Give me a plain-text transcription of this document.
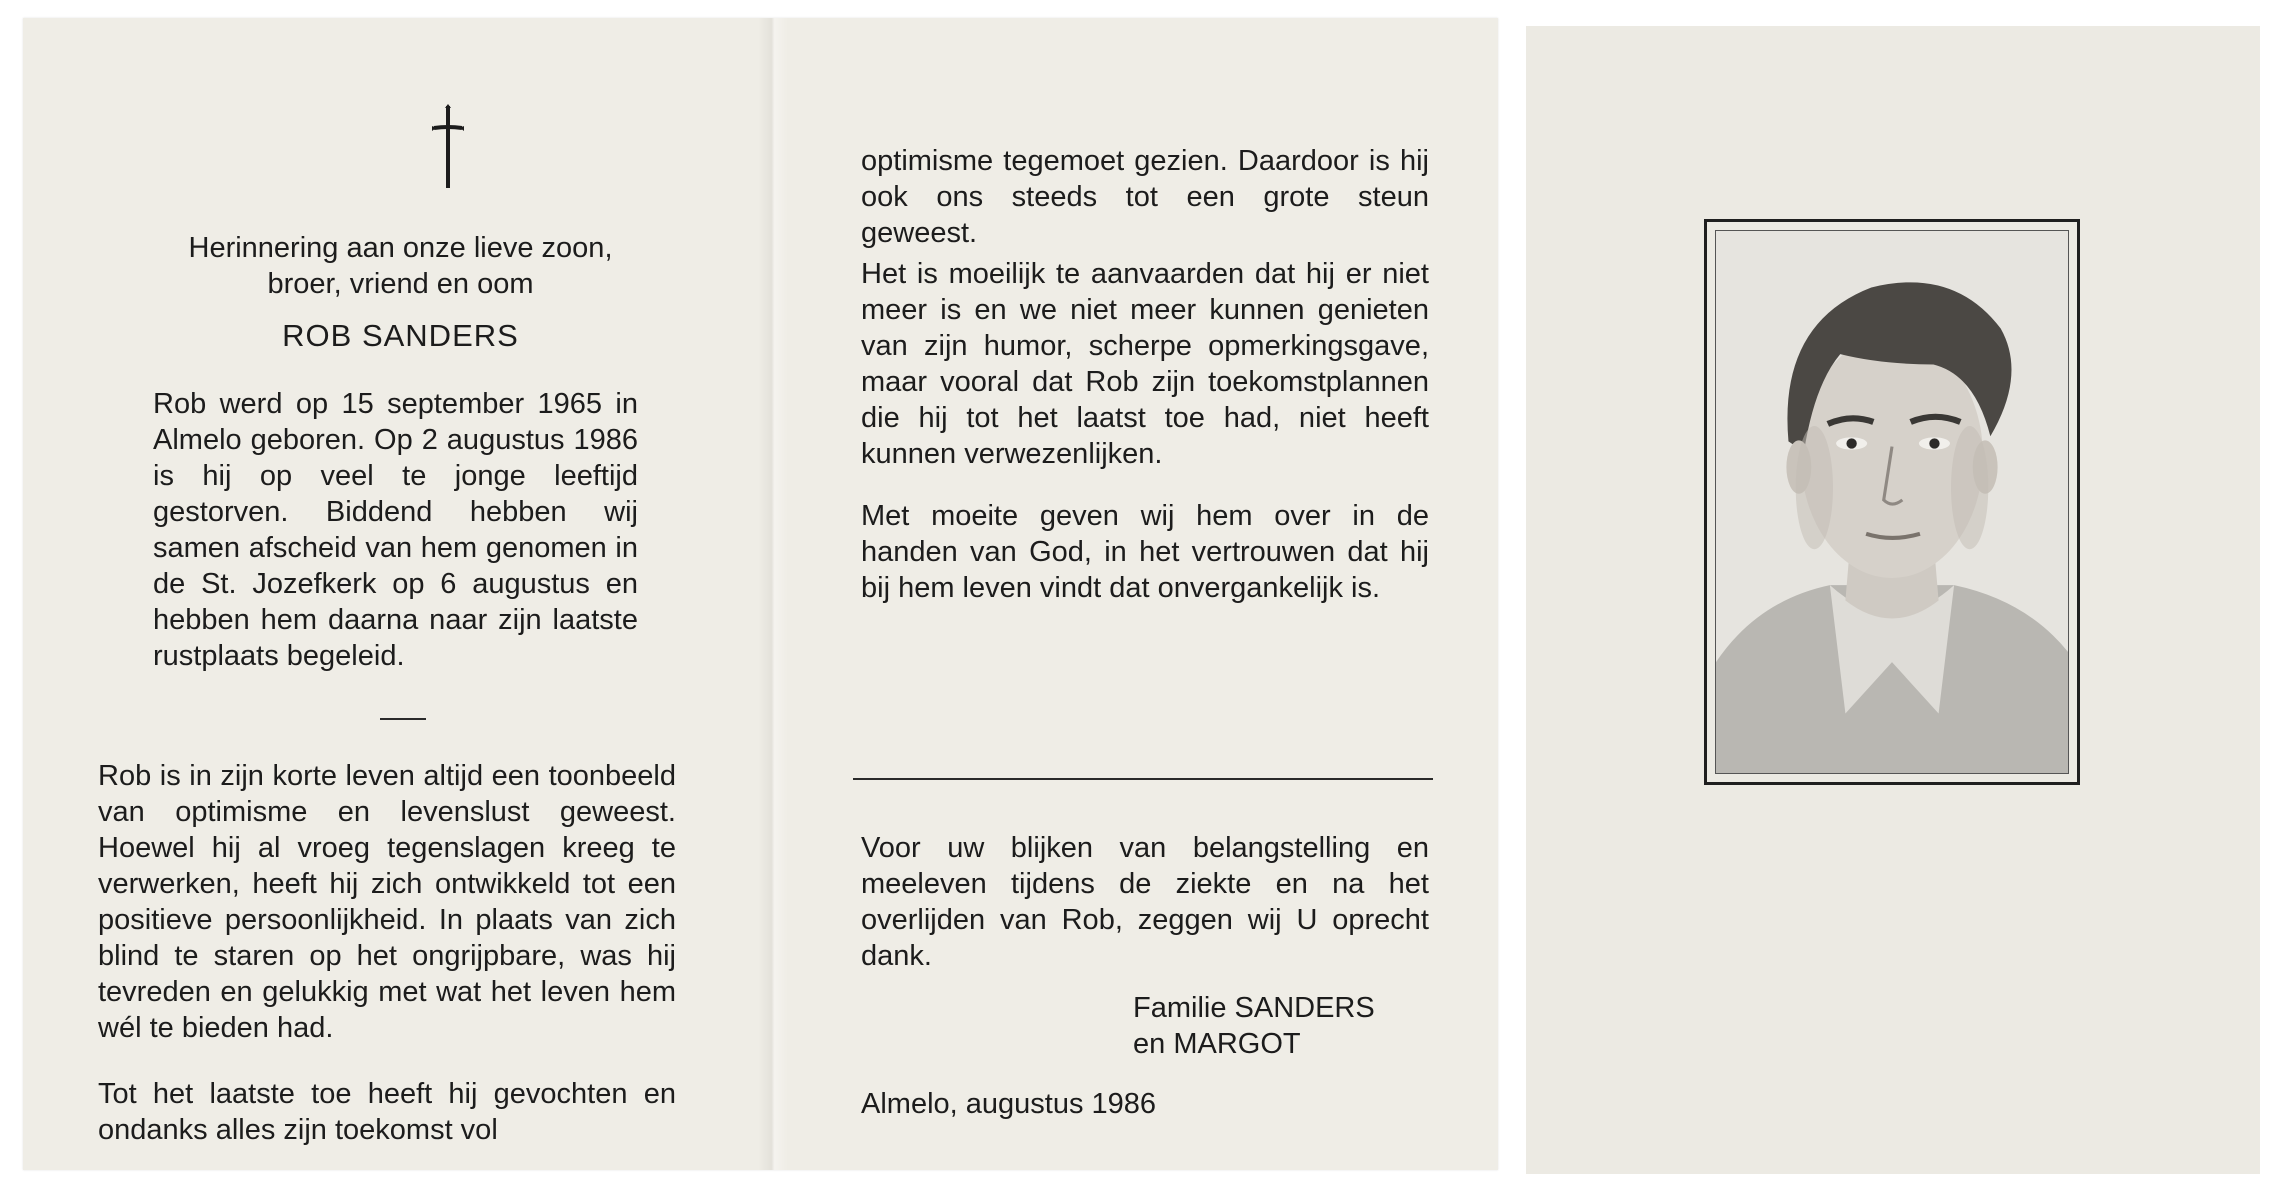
Herinnering aan onze lieve zoon,
broer, vriend en oom
ROB SANDERS

Rob werd op 15 september 1965 in Almelo geboren. Op 2 augustus 1986 is hij op veel te jonge leeftijd gestorven. Biddend hebben wij samen afscheid van hem genomen in de St. Jozefkerk op 6 augustus en hebben hem daarna naar zijn laatste rustplaats begeleid.

Rob is in zijn korte leven altijd een toonbeeld van optimisme en levenslust geweest. Hoewel hij al vroeg tegenslagen kreeg te verwerken, heeft hij zich ontwikkeld tot een positieve persoonlijkheid. In plaats van zich blind te staren op het ongrijpbare, was hij tevreden en gelukkig met wat het leven hem wél te bieden had.

Tot het laatste toe heeft hij gevochten en ondanks alles zijn toekomst vol

optimisme tegemoet gezien. Daardoor is hij ook ons steeds tot een grote steun geweest.

Het is moeilijk te aanvaarden dat hij er niet meer is en we niet meer kunnen genieten van zijn humor, scherpe opmerkingsgave, maar vooral dat Rob zijn toekomstplannen die hij tot het laatst toe had, niet heeft kunnen verwezenlijken.

Met moeite geven wij hem over in de handen van God, in het vertrouwen dat hij bij hem leven vindt dat onvergankelijk is.

Voor uw blijken van belangstelling en meeleven tijdens de ziekte en na het overlijden van Rob, zeggen wij U oprecht dank.

Familie SANDERS
en MARGOT
Almelo, augustus 1986
